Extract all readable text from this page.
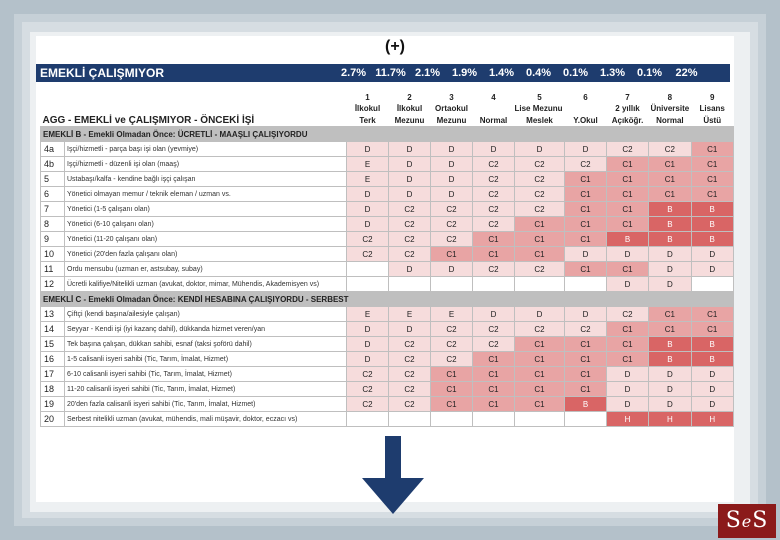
(+)
EMEKLİ ÇALIŞMIYOR	2.7% 11.7% 2.1%	1.9%	1.4%	0.4%	0.1%	1.3%	0.1%	22%
		1	2	3	4	5	6	7	8	9
		İlkokul	İlkokul	Ortaokul		Lise Mezunu		2 yıllık	Üniversite	Lisans
AGG - EMEKLİ ve ÇALIŞMIYOR - ÖNCEKİ İŞİ		Terk	Mezunu	Mezunu	Normal	Meslek	Y.Okul	Açıköğr.	Normal	Üstü
EMEKLİ B - Emekli Olmadan Önce: ÜCRETLİ - MAAŞLI ÇALIŞIYORDU										
4a	Işçi/hizmetli - parça başı işi olan (yevmiye)	D	D	D	D	D	D	C2	C2	C1
4b	Işçi/hizmetli - düzenli işi olan (maaş)	E	D	D	C2	C2	C2	C1	C1	C1
5	Ustabaşı/kalfa - kendine bağlı işçi çalışan	E	D	D	C2	C2	C1	C1	C1	C1
6	Yönetici olmayan memur / teknik eleman / uzman vs.	D	D	D	C2	C2	C1	C1	C1	C1
7	Yönetici (1-5 çalışanı olan)	D	C2	C2	C2	C2	C1	C1	B	B
8	Yönetici (6-10 çalışanı olan)	D	C2	C2	C2	C1	C1	C1	B	B
9	Yönetici (11-20 çalışanı olan)	C2	C2	C2	C1	C1	C1	B	B	B
10	Yönetici (20'den fazla çalışanı olan)	C2	C2	C1	C1	C1	D	D	D	D
11	Ordu mensubu (uzman er, astsubay, subay)		D	D	C2	C2	C1	C1	D	D
12	Ücretli kalifiye/Nitelikli uzman (avukat, doktor, mimar, Mühendis, Akademisyen vs)							D	D	
EMEKLİ C - Emekli Olmadan Önce: KENDİ HESABINA ÇALIŞIYORDU - SERBEST										
13	Çiftçi (kendi başına/ailesiyle çalışan)	E	E	E	D	D	D	C2	C1	C1
14	Seyyar - Kendi işi (iyi kazanç dahil), dükkanda hizmet veren/yan	D	D	C2	C2	C2	C2	C1	C1	C1
15	Tek başına çalışan, dükkan sahibi, esnaf (taksi şoförü dahil)	D	C2	C2	C2	C1	C1	C1	B	B
16	1-5 calisanli isyeri sahibi (Tic, Tarım, İmalat, Hizmet)	D	C2	C2	C1	C1	C1	C1	B	B
17	6-10 calisanli isyeri sahibi (Tic, Tarım, İmalat, Hizmet)	C2	C2	C1	C1	C1	C1	D	D	D
18	11-20 calisanli isyeri sahibi (Tic, Tarım, İmalat, Hizmet)	C2	C2	C1	C1	C1	C1	D	D	D
19	20'den fazla calisanli isyeri sahibi (Tic, Tarım, İmalat, Hizmet)	C2	C2	C1	C1	C1	B	D	D	D
20	Serbest nitelikli uzman (avukat, mühendis, mali müşavir, doktor, eczacı vs)							H	H	H
SeS
